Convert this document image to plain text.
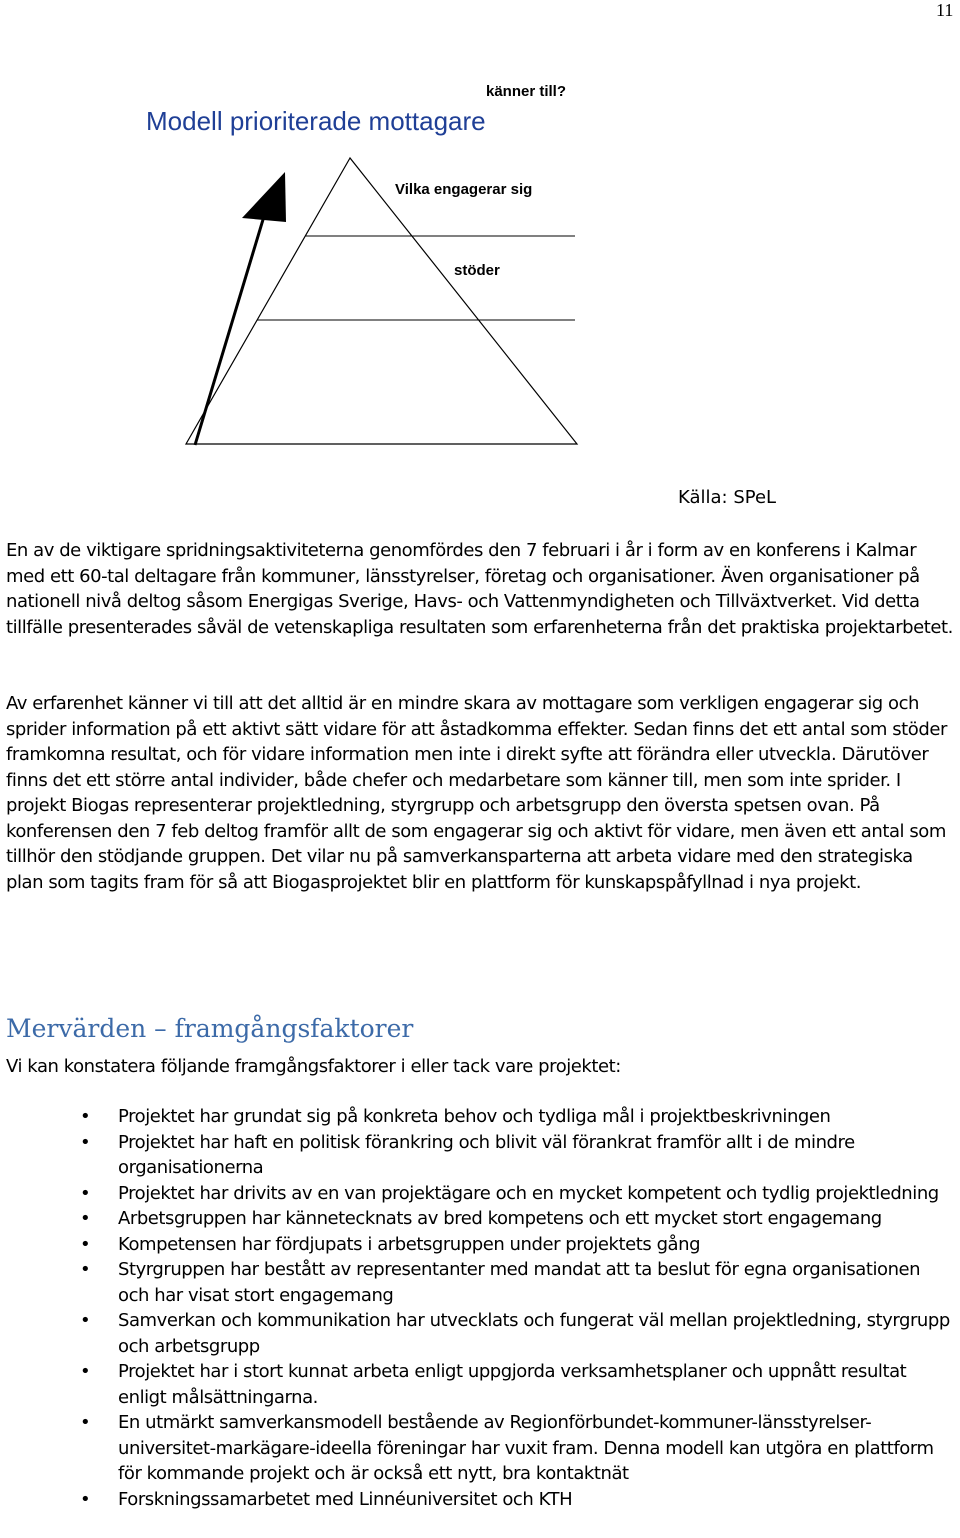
11
Modell prioriterade mottagare
Vilka engagerar sig
stöder
känner till?
Källa: SPeL

En av de viktigare spridningsaktiviteterna genomfördes den 7 februari i år i form av en konferens i Kalmar med ett 60-tal deltagare från kommuner, länsstyrelser, företag och organisationer. Även organisationer på nationell nivå deltog såsom Energigas Sverige, Havs- och Vattenmyndigheten och Tillväxtverket. Vid detta tillfälle presenterades såväl de vetenskapliga resultaten som erfarenheterna från det praktiska projektarbetet.

Av erfarenhet känner vi till att det alltid är en mindre skara av mottagare som verkligen engagerar sig och sprider information på ett aktivt sätt vidare för att åstadkomma effekter. Sedan finns det ett antal som stöder framkomna resultat, och för vidare information men inte i direkt syfte att förändra eller utveckla. Därutöver finns det ett större antal individer, både chefer och medarbetare som känner till, men som inte sprider. I projekt Biogas representerar projektledning, styrgrupp och arbetsgrupp den översta spetsen ovan. På konferensen den 7 feb deltog framför allt de som engagerar sig och aktivt för vidare, men även ett antal som tillhör den stödjande gruppen. Det vilar nu på samverkansparterna att arbeta vidare med den strategiska plan som tagits fram för så att Biogasprojektet blir en plattform för kunskapspåfyllnad i nya projekt.

Mervärden – framgångsfaktorer

Vi kan konstatera följande framgångsfaktorer i eller tack vare projektet:

• Projektet har grundat sig på konkreta behov och tydliga mål i projektbeskrivningen
• Projektet har haft en politisk förankring och blivit väl förankrat framför allt i de mindre organisationerna
• Projektet har drivits av en van projektägare och en mycket kompetent och tydlig projektledning
• Arbetsgruppen har kännetecknats av bred kompetens och ett mycket stort engagemang
• Kompetensen har fördjupats i arbetsgruppen under projektets gång
• Styrgruppen har bestått av representanter med mandat att ta beslut för egna organisationen och har visat stort engagemang
• Samverkan och kommunikation har utvecklats och fungerat väl mellan projektledning, styrgrupp och arbetsgrupp
• Projektet har i stort kunnat arbeta enligt uppgjorda verksamhetsplaner och uppnått resultat enligt målsättningarna.
• En utmärkt samverkansmodell bestående av Regionförbundet-kommuner-länsstyrelser-universitet-markägare-ideella föreningar har vuxit fram. Denna modell kan utgöra en plattform för kommande projekt och är också ett nytt, bra kontaktnät
• Forskningssamarbetet med Linnéuniversitet och KTH
